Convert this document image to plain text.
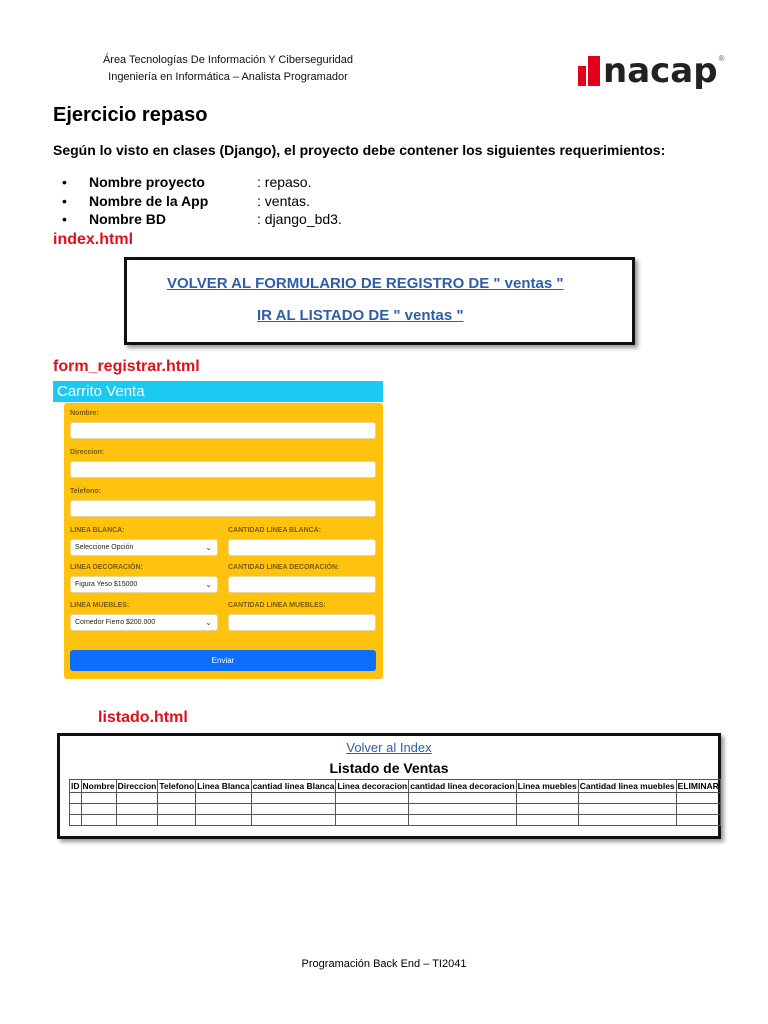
Área Tecnologías De Información Y Ciberseguridad
Ingeniería en Informática – Analista Programador	nacap ®
Ejercicio repaso
Según lo visto en clases (Django), el proyecto debe contener los siguientes requerimientos:
•	Nombre proyecto	: repaso.
•	Nombre de la App	: ventas.
•	Nombre BD	: django_bd3.
index.html
VOLVER AL FORMULARIO DE REGISTRO DE " ventas "
IR AL LISTADO DE " ventas "
form_registrar.html
Carrito Venta
Nombre:
Direccion:
Telefono:
LINEA BLANCA:
Seleccione Opción	⌄
CANTIDAD LINEA BLANCA:
LINEA DECORACIÓN:
Figura Yeso $15000	⌄
CANTIDAD LINEA DECORACIÓN:
LINEA MUEBLES:
Comedor Fierro $200.000	⌄
CANTIDAD LINEA MUEBLES:
Enviar
listado.html
Volver al Index
Listado de Ventas
ID	Nombre	Direccion	Telefono	Linea Blanca	cantiad linea Blanca	Linea decoracion	cantidad linea decoracion	Linea muebles	Cantidad linea muebles	ELIMINAR

Programación Back End – TI2041
